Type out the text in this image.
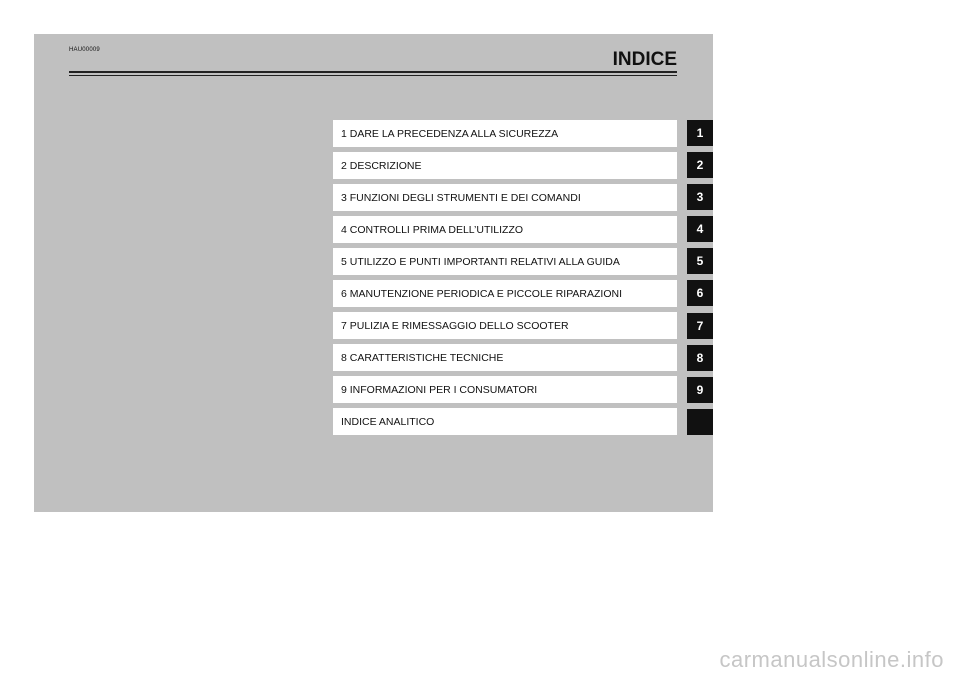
HAU00009	INDICE
1 DARE LA PRECEDENZA ALLA SICUREZZA
2 DESCRIZIONE
3 FUNZIONI DEGLI STRUMENTI E DEI COMANDI
4 CONTROLLI PRIMA DELL’UTILIZZO
5 UTILIZZO E PUNTI IMPORTANTI RELATIVI ALLA GUIDA
6 MANUTENZIONE PERIODICA E PICCOLE RIPARAZIONI
7 PULIZIA E RIMESSAGGIO DELLO SCOOTER
8 CARATTERISTICHE TECNICHE
9 INFORMAZIONI PER I CONSUMATORI
INDICE ANALITICO
1
2
3
4
5
6
7
8
9
carmanualsonline.info
